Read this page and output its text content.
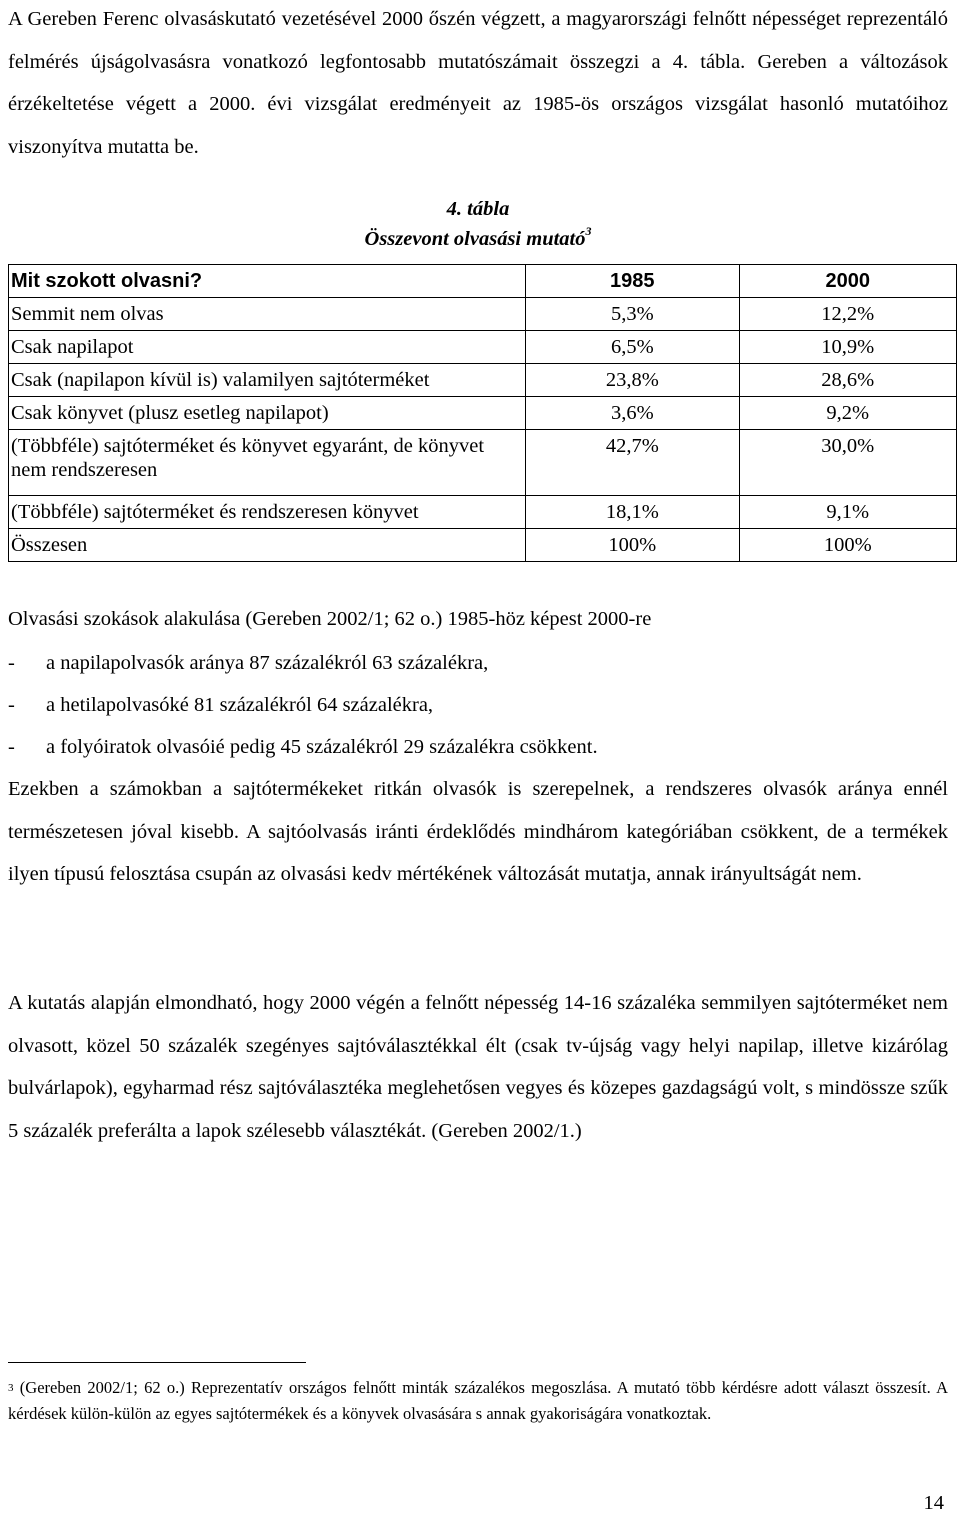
A Gereben Ferenc olvasáskutató vezetésével 2000 őszén végzett, a magyarországi felnőtt népességet reprezentáló felmérés újságolvasásra vonatkozó legfontosabb mutatószámait összegzi a 4. tábla. Gereben a változások érzékeltetése végett a 2000. évi vizsgálat eredményeit az 1985-ös országos vizsgálat hasonló mutatóihoz viszonyítva mutatta be.

4. tábla

Összevont olvasási mutató$^3$

Mit szokott olvasni?	1985	2000
Semmit nem olvas	5,3%	12,2%
Csak napilapot	6,5%	10,9%
Csak (napilapon kívül is) valamilyen sajtóterméket	23,8%	28,6%
Csak könyvet (plusz esetleg napilapot)	3,6%	9,2%
(Többféle) sajtóterméket és könyvet egyaránt, de könyvet nem rendszeresen	42,7%	30,0%
(Többféle) sajtóterméket és rendszeresen könyvet	18,1%	9,1%
Összesen	100%	100%

Olvasási szokások alakulása (Gereben 2002/1; 62 o.) 1985-höz képest 2000-re

- a napilapolvasók aránya 87 százalékról 63 százalékra,
- a hetilapolvasóké 81 százalékról 64 százalékra,
- a folyóiratok olvasóié pedig 45 százalékról 29 százalékra csökkent.

Ezekben a számokban a sajtótermékeket ritkán olvasók is szerepelnek, a rendszeres olvasók aránya ennél természetesen jóval kisebb. A sajtóolvasás iránti érdeklődés mindhárom kategóriában csökkent, de a termékek ilyen típusú felosztása csupán az olvasási kedv mértékének változását mutatja, annak irányultságát nem.

A kutatás alapján elmondható, hogy 2000 végén a felnőtt népesség 14-16 százaléka semmilyen sajtóterméket nem olvasott, közel 50 százalék szegényes sajtóválasztékkal élt (csak tv-újság vagy helyi napilap, illetve kizárólag bulvárlapok), egyharmad rész sajtóválasztéka meglehetősen vegyes és közepes gazdagságú volt, s mindössze szűk 5 százalék preferálta a lapok szélesebb választékát. (Gereben 2002/1.)

3 (Gereben 2002/1; 62 o.) Reprezentatív országos felnőtt minták százalékos megoszlása. A mutató több kérdésre adott választ összesít. A kérdések külön-külön az egyes sajtótermékek és a könyvek olvasására s annak gyakoriságára vonatkoztak.

14
